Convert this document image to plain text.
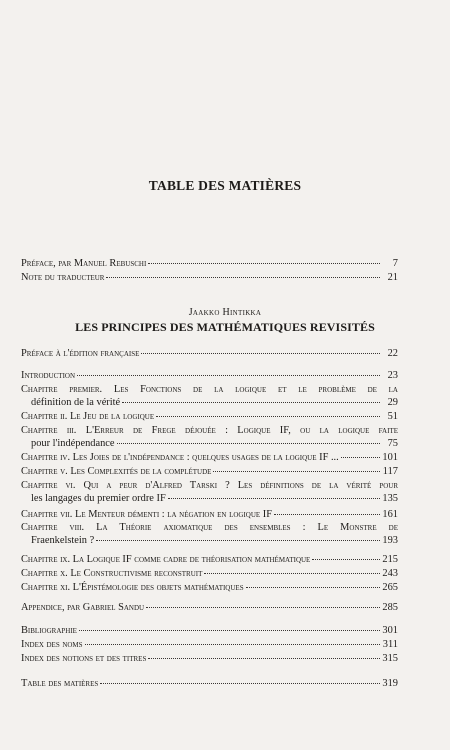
TABLE DES MATIÈRES
Jaakko Hintikka
LES PRINCIPES DES MATHÉMATIQUES REVISITÉS
Préface, par Manuel Rebuschi	7
Note du traducteur	21
Préface à l'édition française	22
Introduction	23
Chapitre premier. Les Fonctions de la logique et le problème de la
définition de la vérité	29
Chapitre ii. Le Jeu de la logique	51
Chapitre iii. L'Erreur de Frege déjouée : Logique IF, ou la logique faite
pour l'indépendance	75
Chapitre iv. Les Joies de l'indépendance : quelques usages de la logique IF ...	101
Chapitre v. Les Complexités de la complétude	117
Chapitre vi. Qui a peur d'Alfred Tarski ? Les définitions de la vérité pour
les langages du premier ordre IF	135
Chapitre vii. Le Menteur démenti : la négation en logique IF	161
Chapitre viii. La Théorie axiomatique des ensembles : Le Monstre de
Fraenkelstein ?	193
Chapitre ix. La Logique IF comme cadre de théorisation mathématique	215
Chapitre x. Le Constructivisme reconstruit	243
Chapitre xi. L'Épistémologie des objets mathématiques	265
Appendice, par Gabriel Sandu	285
Bibliographie	301
Index des noms	311
Index des notions et des titres	315
Table des matières	319
